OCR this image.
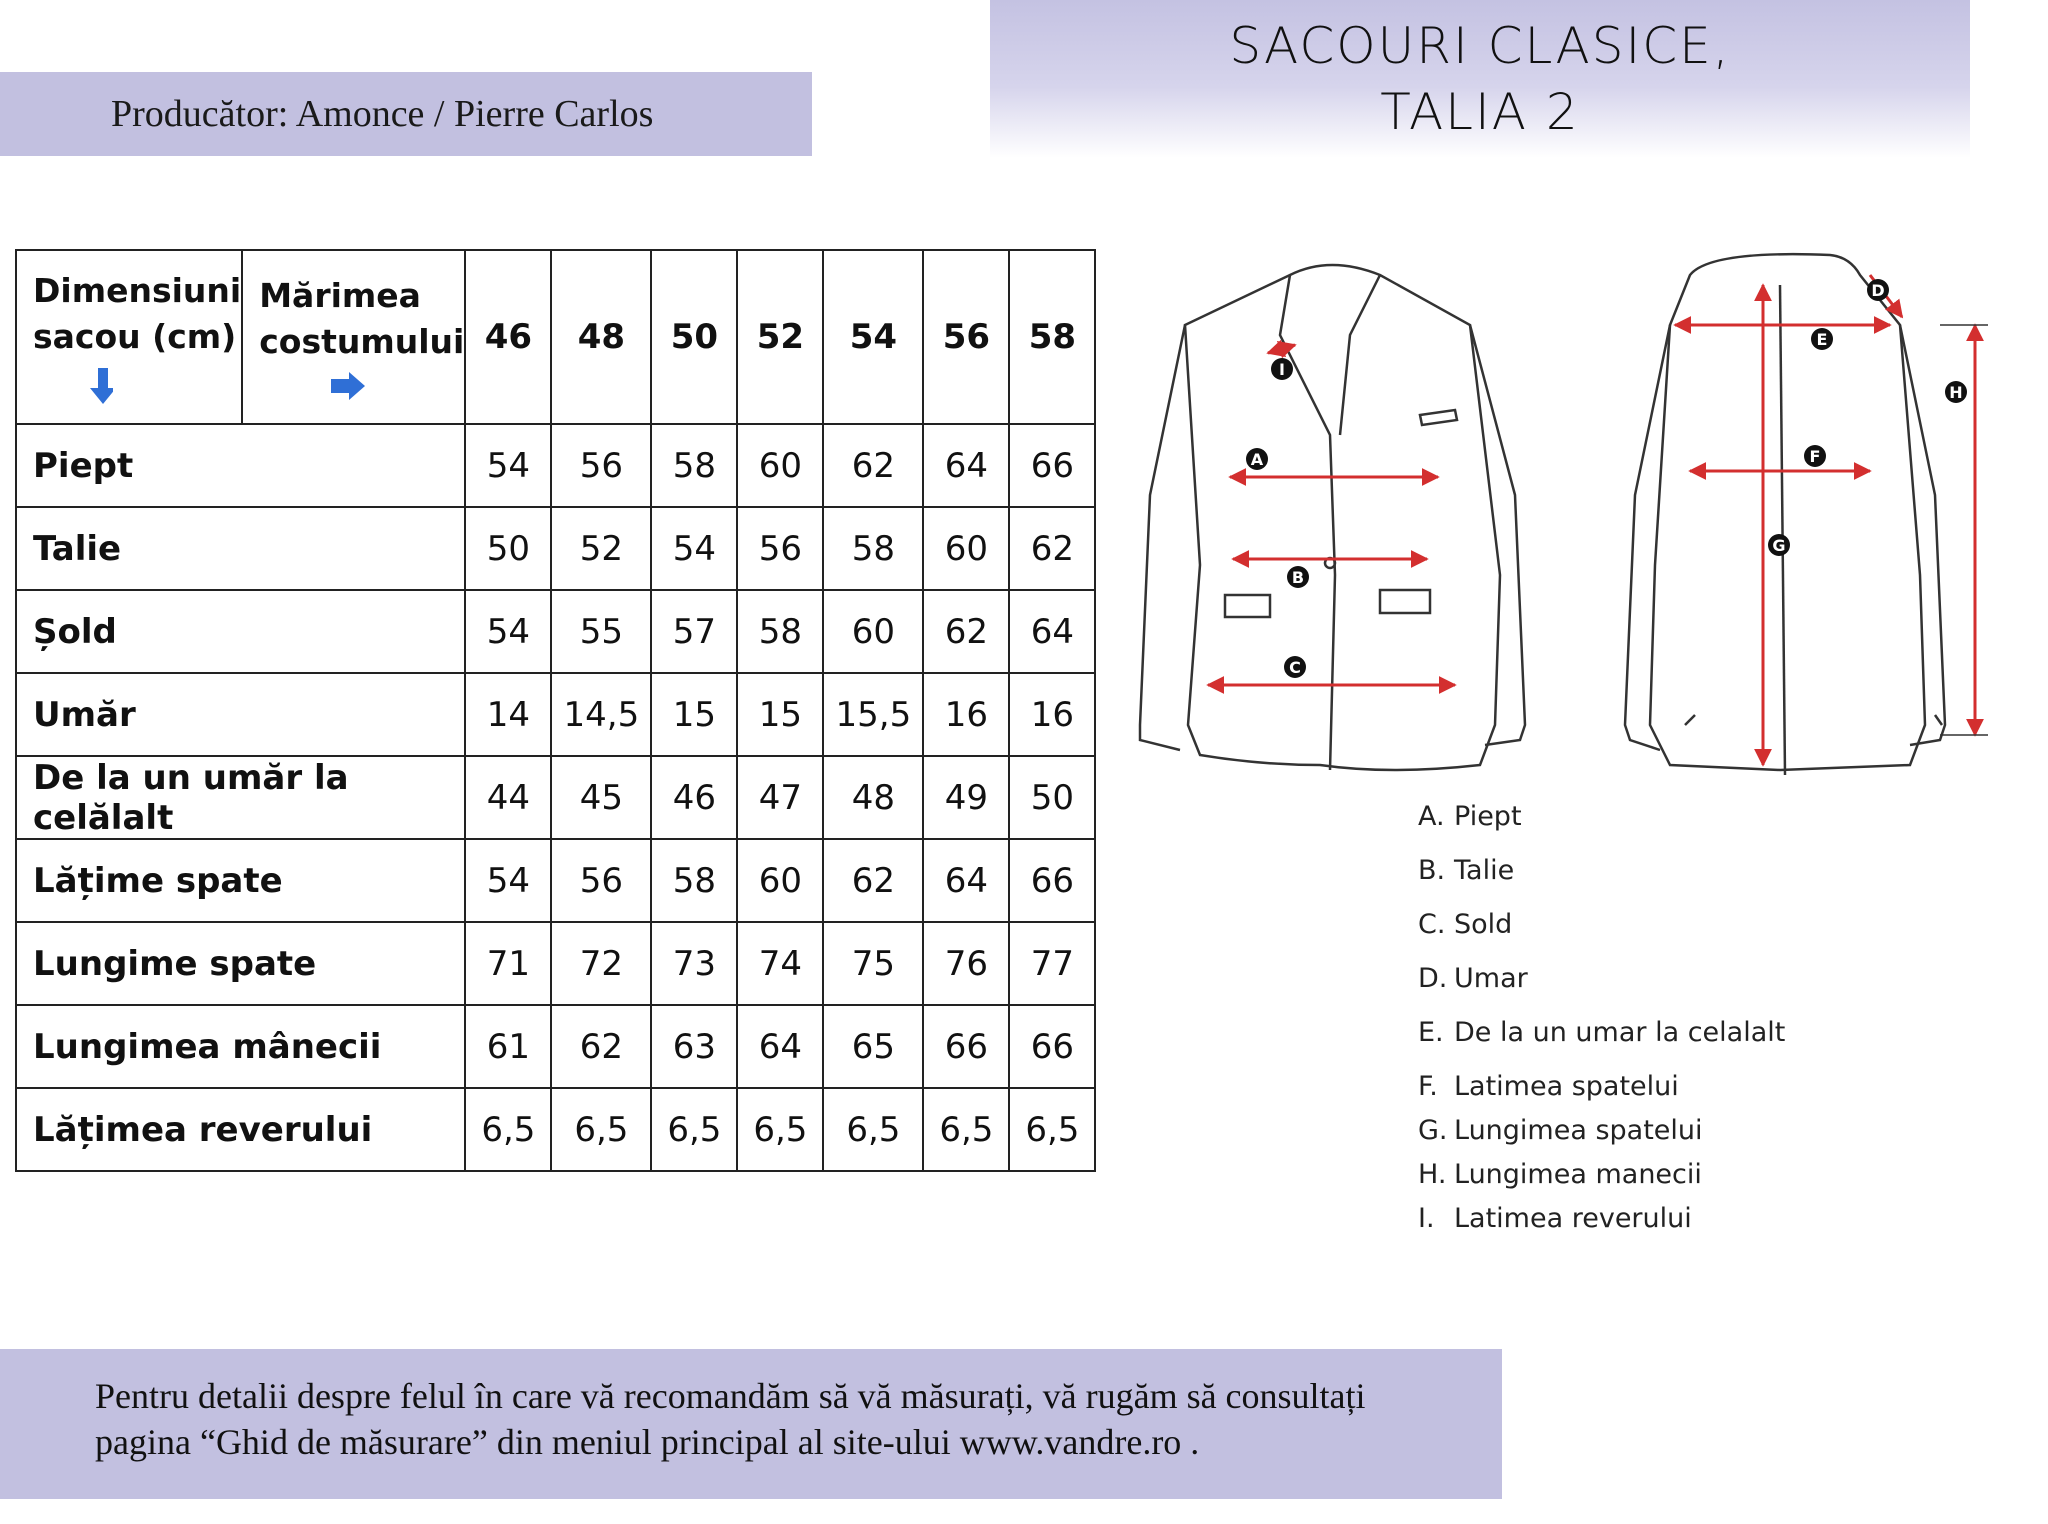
Producător: Amonce / Pierre Carlos
SACOURI CLASICE,
TALIA 2
Dimensiuni
sacou (cm)	Mărimea
costumului	46	48	50	52	54	56	58
Piept		54	56	58	60	62	64	66
Talie		50	52	54	56	58	60	62
Șold		54	55	57	58	60	62	64
Umăr		14	14,5	15	15	15,5	16	16
De la un umăr la celălalt		44	45	46	47	48	49	50
Lățime spate		54	56	58	60	62	64	66
Lungime spate		71	72	73	74	75	76	77
Lungimea mânecii		61	62	63	64	65	66	66
Lățimea reverului		6,5	6,5	6,5	6,5	6,5	6,5	6,5
A
B
C
D
E
F
G
H
I
A. Piept
B. Talie
C. Sold
D. Umar
E. De la un umar la celalalt
F. Latimea spatelui
G. Lungimea spatelui
H. Lungimea manecii
I. Latimea reverului

Pentru detalii despre felul în care vă recomandăm să vă măsurați, vă rugăm să consultați
pagina “Ghid de măsurare” din meniul principal al site-ului www.vandre.ro .
